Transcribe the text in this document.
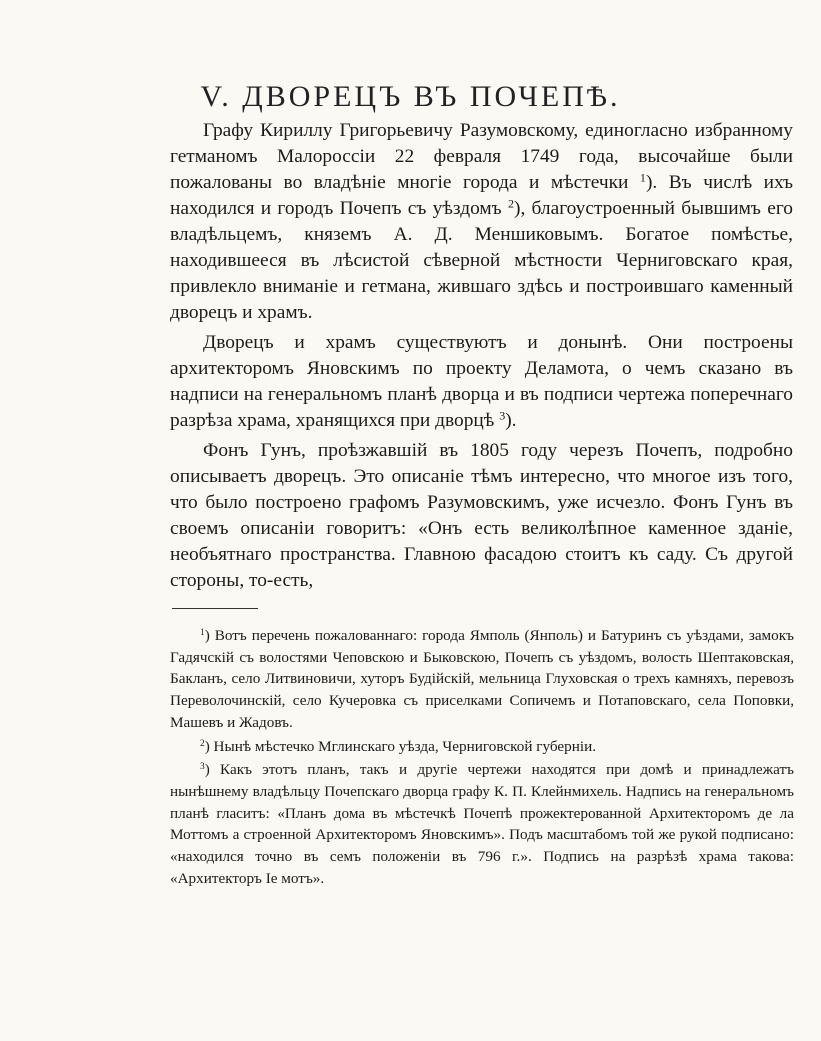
V. ДВОРЕЦЪ ВЪ ПОЧЕПѢ.

Графу Кириллу Григорьевичу Разумовскому, единогласно избранному гетманомъ Малороссіи 22 февраля 1749 года, высочайше были пожалованы во владѣніе многіе города и мѣстечки $^1$). Въ числѣ ихъ находился и городъ Почепъ съ уѣздомъ $^2$), благоустроенный бывшимъ его владѣльцемъ, княземъ А. Д. Меншиковымъ. Богатое помѣстье, находившееся въ лѣсистой сѣверной мѣстности Черниговскаго края, привлекло вниманіе и гетмана, жившаго здѣсь и построившаго каменный дворецъ и храмъ.

Дворецъ и храмъ существуютъ и донынѣ. Они построены архитекторомъ Яновскимъ по проекту Деламота, о чемъ сказано въ надписи на генеральномъ планѣ дворца и въ подписи чертежа поперечнаго разрѣза храма, хранящихся при дворцѣ $^3$).

Фонъ Гунъ, проѣзжавшій въ 1805 году черезъ Почепъ, подробно описываетъ дворецъ. Это описаніе тѣмъ интересно, что многое изъ того, что было построено графомъ Разумовскимъ, уже исчезло. Фонъ Гунъ въ своемъ описаніи говоритъ: «Онъ есть великолѣпное каменное зданіе, необъятнаго пространства. Главною фасадою стоитъ къ саду. Съ другой стороны, то-есть,

$^1$) Вотъ перечень пожалованнаго: города Ямполь (Янполь) и Батуринъ съ уѣздами, замокъ Гадячскій съ волостями Чеповскою и Быковскою, Почепъ съ уѣздомъ, волость Шептаковская, Бакланъ, село Литвиновичи, хуторъ Будійскій, мельница Глуховская о трехъ камняхъ, перевозъ Переволочинскій, село Кучеровка съ приселками Сопичемъ и Потаповскаго, села Поповки, Машевъ и Жадовъ.

$^2$) Нынѣ мѣстечко Мглинскаго уѣзда, Черниговской губерніи.

$^3$) Какъ этотъ планъ, такъ и другіе чертежи находятся при домѣ и принадлежатъ нынѣшнему владѣльцу Почепскаго дворца графу К. П. Клейнмихель. Надпись на генеральномъ планѣ гласитъ: «Планъ дома въ мѣстечкѣ Почепѣ прожектерованной Архитекторомъ де ла Моттомъ а строенной Архитекторомъ Яновскимъ». Подъ масштабомъ той же рукой подписано: «находился точно въ семъ положеніи въ 796 г.». Подпись на разрѣзѣ храма такова: «Архитекторъ Іе мотъ».
